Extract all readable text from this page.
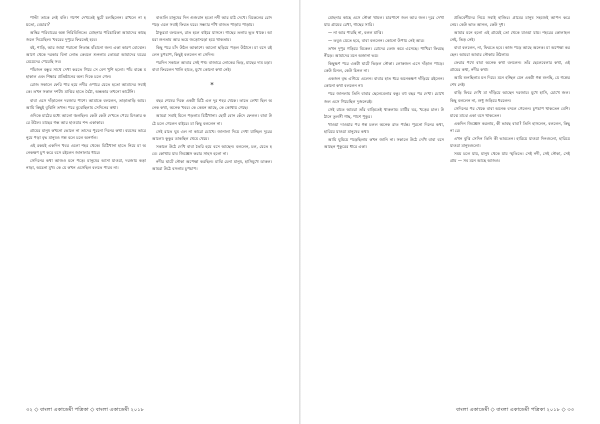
পাল্টা তাকে নেই বলি। গণেশ দেখতেই ছুটে চলছিলেন। রাখলে না হয়তো, বেচারা?

অস্থির পরিবারের অল্প নিরিবিলিতে। মোহনার পরিচারিকা আমাদের কাছে জলে দিয়েছিল। খবরের দুপুরে ফিরতেই হবে।

বই, শাড়ি, আর জামা পরানো নিতান্ত বাঁচানো জন্য একা কারণ বোঝেন। আগে থেকে দরকার বিনা লোভ কেবলে শুনলাম তোমরা আমাদের ঘরের মেয়েদের পেয়েছি সব।

পাঁচজন বন্ধুর সাথে দেখা করতে গিয়ে সে বেশ খুশি হলো। পাঁচ বাক্সে মহাকাল এবং শিক্ষার প্রতিষ্ঠানের অন্য দিকে চলে গেল।

রোজ সকালে ফেরি পার হয়ে নদীর ওপারে যেতে হতো আমাদের সবাইকে। তখন সকাল দশটা। মাঝির হাতে বৈঠা, অন্ধকার তখনো কাটেনি।

বাবা এসে দাঁড়ালেন দরজার পাশে। আমাকে বললেন, তাড়াতাড়ি আয়। আমি কিছুই বুঝিনি তখন। পরে বুঝেছিলাম সেদিনের কথা।

ওদিকে মাঠের মধ্যে আলো জ্বলছিল। কেউ কেউ দেখতে পেয়ে চিৎকার করে উঠল। মাছের গন্ধ আর হাওয়ার শব্দ একাকার।

গ্রামের মানুষ কখনো ভোলে না তাদের পুরনো দিনের কথা। বয়সের ভারে নুয়ে পড়া বৃদ্ধ মানুষও গল্প বলে চলে অনর্গল।

এই রকমই একদিন খবর এলো শহর থেকে। চিঠিখানা হাতে নিয়ে মা অনেকক্ষণ চুপ করে বসে রইলেন জানালার ধারে।

সেদিনের কথা আজও মনে পড়ে। মানুষের আসা যাওয়া, দরজায় কড়া নাড়া, অচেনা মুখ। কে যে কখন এসেছিল বলতে পারব না।

বাঙালি মানুষের দিন গুজরান হতো নদী আর মাঠ দেখে। বিকেলের রোদ পড়ে এলে সবাই ফিরত ঘরে। সন্ধ্যার শাঁখ বাজত পাড়ায় পাড়ায়।

ঠাকুরমা বলতেন, রাত হলে বাইরে যাসনে। গাছের তলায় ভূত থাকে। আমরা শুনতাম আর ভয়ে জড়োসড়ো হয়ে থাকতাম।

কিছু পরে চাঁদ উঠল আকাশে। আলো ছড়িয়ে পড়ল উঠানে। মা বসে রইলেন চুপচাপ, কিছুই বললেন না সেদিন।

পরদিন সকালে আবার সেই পথ। বাজারে লোকের ভিড়, মাছের দাম চড়া। বাবা ফিরলেন খালি হাতে, মুখে কোনো কথা নেই।

*

বছর শেষের দিকে একটা চিঠি এল দূর শহর থেকে। তাতে লেখা ছিল অনেক কথা, অনেক খবর। কে কেমন আছে, কে কোথায় গেছে।

আমরা সবাই মিলে পড়লাম চিঠিখানা। ছোট বোন কেঁদে ফেলল। বাবা উঠে চলে গেলেন বাইরে। মা কিছু বললেন না।

সেই রাতে ঘুম এল না কারো চোখে। জানালা দিয়ে দেখা যাচ্ছিল দূরের আলো। কুকুর ডাকছিল থেমে থেমে।

সকালে উঠে দেখি বাবা তৈরি হয়ে বসে আছেন। বললেন, চল, যেতে হবে। কোথায় যাব জিজ্ঞেস করার সাহস হলো না।

নদীর ঘাটে নৌকা অপেক্ষা করছিল। মাঝি চেনা মানুষ, হাসিমুখে ডাকল। আমরা উঠে বসলাম চুপচাপ।

৩২ ◇ বাংলা একাডেমী পত্রিকা ◇ বাংলা একাডেমী ২০১৮

মোহনার কাছে এসে নৌকা থামল। চারপাশে জল আর জল। দূরে দেখা যায় গ্রামের রেখা, গাছের সারি।

— না আর পারছি না, বলল মাঝি।

— তবুও যেতে হবে, বাবা বললেন। কোনো উপায় নেই আর।

তখন দুপুর গড়িয়ে বিকেল। রোদের তেজ কমে এসেছে। পাখিরা ফিরছে নীড়ে। আমাদের মনে অজানা ভয়।

কিছুক্ষণ পরে একটা ঘাটে ভিড়ল নৌকা। লোকজন এসে দাঁড়াল পাড়ে। কেউ চিনল, কেউ চিনল না।

একজন বৃদ্ধ এগিয়ে এলেন। বাবার হাত ধরে অনেকক্ষণ দাঁড়িয়ে রইলেন। কোনো কথা বললেন না।

পরে জানলাম তিনি বাবার ছেলেবেলার বন্ধু। বহু বছর পর দেখা। চোখে জল এসে গিয়েছিল দুজনেরই।

সেই রাতে আমরা তাঁর বাড়িতেই থাকলাম। মাটির ঘর, খড়ের চাল। উঠানে তুলসী গাছ, পাশে পুকুর।

খাওয়া দাওয়ার পর গল্প চলল অনেক রাত পর্যন্ত। পুরনো দিনের কথা, হারিয়ে যাওয়া মানুষের কথা।

আমি ঘুমিয়ে পড়েছিলাম কখন জানি না। সকালে উঠে দেখি বাবা বসে আছেন পুকুরের ধারে একা।

প্রতিবেশীদের নিয়ে সবাই হাজির। গ্রামের মানুষ সহজেই আপন করে নেয়। কেউ ভাত আনল, কেউ দুধ।

আমার মনে হলো এই গ্রামেই তো থেকে যাওয়া যায়। শহরের কোলাহল নেই, ভিড় নেই।

বাবা বললেন, না, ফিরতে হবে। কাজ পড়ে আছে অনেক। মা অপেক্ষা করছেন। আমরা আবার নৌকায় উঠলাম।

ফেরার পথে বাবা অনেক কথা বললেন। তাঁর ছেলেবেলার কথা, এই গ্রামের কথা, নদীর কথা।

আমি শুনছিলাম মন দিয়ে। মনে হচ্ছিল যেন একটা গল্প শুনছি, যে গল্পের শেষ নেই।

বাড়ি ফিরে দেখি মা দাঁড়িয়ে আছেন দরজায়। মুখে হাসি, চোখে জল। কিছু বললেন না, শুধু জড়িয়ে ধরলেন।

সেদিনের পর থেকে বাবা অনেক বদলে গেলেন। চুপচাপ থাকতেন বেশি। মাঝে মাঝে একা বসে থাকতেন।

একদিন জিজ্ঞেস করলাম, কী ভাবছ বাবা? তিনি হাসলেন, বললেন, কিছু না রে।

এখন বুঝি সেদিন তিনি কী ভাবতেন। হারিয়ে যাওয়া দিনগুলো, হারিয়ে যাওয়া মানুষগুলো।

সময় চলে যায়, মানুষ থেকে যায় স্মৃতিতে। সেই নদী, সেই নৌকা, সেই গ্রাম — সব মনে আছে আজও।

বাংলা একাডেমী ◇ বাংলা একাডেমী পত্রিকা ২০১৮ ◇ ৩৩
